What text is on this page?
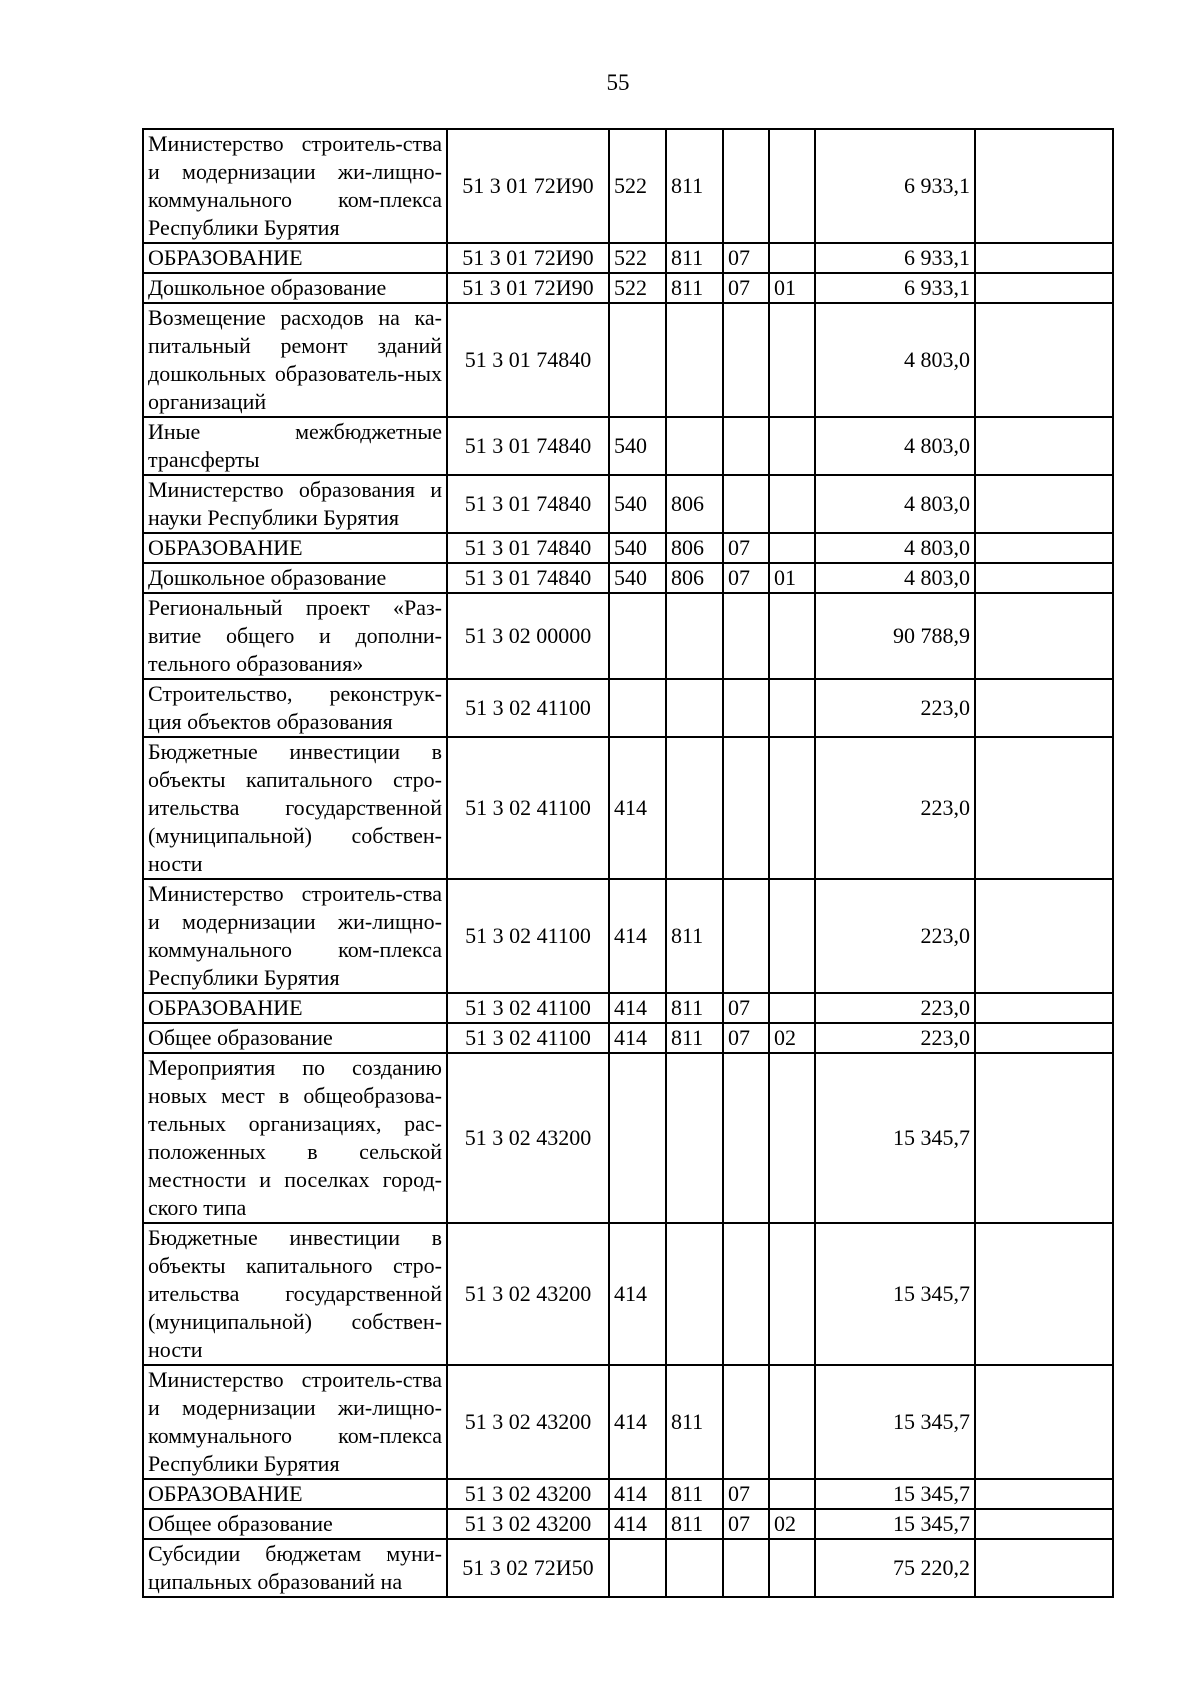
55
Министерство строитель-ства и модернизации жи-лищно-коммунального ком-плекса Республики Бурятия	51 3 01 72И90	522	811			6 933,1	
ОБРАЗОВАНИЕ	51 3 01 72И90	522	811	07		6 933,1	
Дошкольное образование	51 3 01 72И90	522	811	07	01	6 933,1	
Возмещение расходов на ка-питальный ремонт зданий дошкольных образователь-ных организаций	51 3 01 74840					4 803,0	
Иные межбюджетные трансферты	51 3 01 74840	540				4 803,0	
Министерство образования и науки Республики Бурятия	51 3 01 74840	540	806			4 803,0	
ОБРАЗОВАНИЕ	51 3 01 74840	540	806	07		4 803,0	
Дошкольное образование	51 3 01 74840	540	806	07	01	4 803,0	
Региональный проект «Раз-витие общего и дополни-тельного образования»	51 3 02 00000					90 788,9	
Строительство, реконструк-ция объектов образования	51 3 02 41100					223,0	
Бюджетные инвестиции в объекты капитального стро-ительства государственной (муниципальной) собствен-ности	51 3 02 41100	414				223,0	
Министерство строитель-ства и модернизации жи-лищно-коммунального ком-плекса Республики Бурятия	51 3 02 41100	414	811			223,0	
ОБРАЗОВАНИЕ	51 3 02 41100	414	811	07		223,0	
Общее образование	51 3 02 41100	414	811	07	02	223,0	
Мероприятия по созданию новых мест в общеобразова-тельных организациях, рас-положенных в сельской местности и поселках город-ского типа	51 3 02 43200					15 345,7	
Бюджетные инвестиции в объекты капитального стро-ительства государственной (муниципальной) собствен-ности	51 3 02 43200	414				15 345,7	
Министерство строитель-ства и модернизации жи-лищно-коммунального ком-плекса Республики Бурятия	51 3 02 43200	414	811			15 345,7	
ОБРАЗОВАНИЕ	51 3 02 43200	414	811	07		15 345,7	
Общее образование	51 3 02 43200	414	811	07	02	15 345,7	
Субсидии бюджетам муни-ципальных образований на	51 3 02 72И50					75 220,2	
